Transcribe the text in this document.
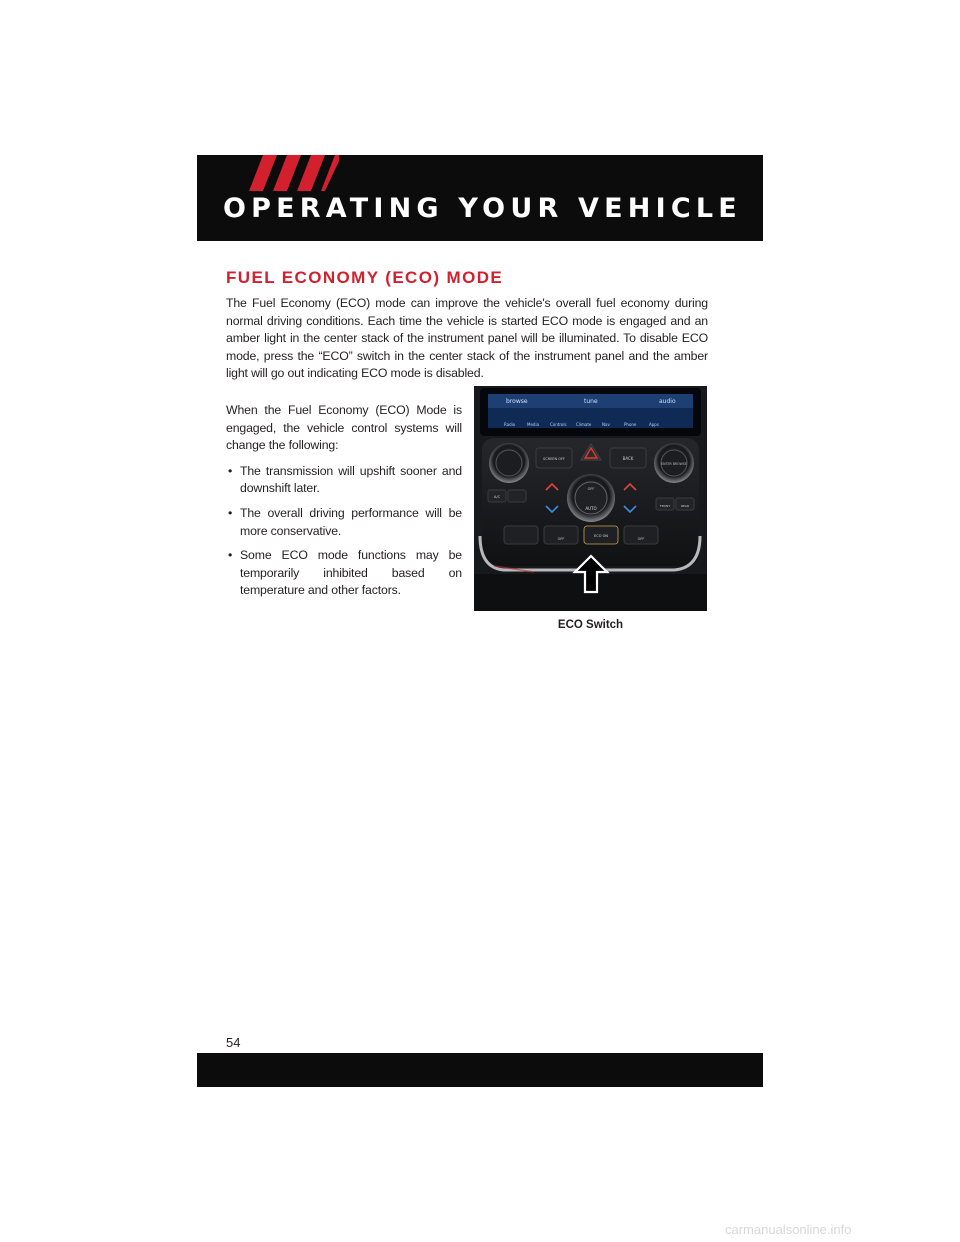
OPERATING YOUR VEHICLE
FUEL ECONOMY (ECO) MODE

The Fuel Economy (ECO) mode can improve the vehicle's overall fuel economy during normal driving conditions. Each time the vehicle is started ECO mode is engaged and an amber light in the center stack of the instrument panel will be illuminated. To disable ECO mode, press the “ECO” switch in the center stack of the instrument panel and the amber light will go out indicating ECO mode is disabled.

When the Fuel Economy (ECO) Mode is engaged, the vehicle control systems will change the following:

• The transmission will upshift sooner and downshift later.
• The overall driving performance will be more conservative.
• Some ECO mode functions may be temporarily inhibited based on temperature and other factors.
browse	tune	audio
Radio	Media	Controls Climate	Nav	Phone	Apps
ENTER BROWSE
SCREEN OFF	BACK
OFF
AUTO
A/C
FRONT	REAR
OFF
ECO ON
OFF
ECO Switch
54
carmanualsonline.info
